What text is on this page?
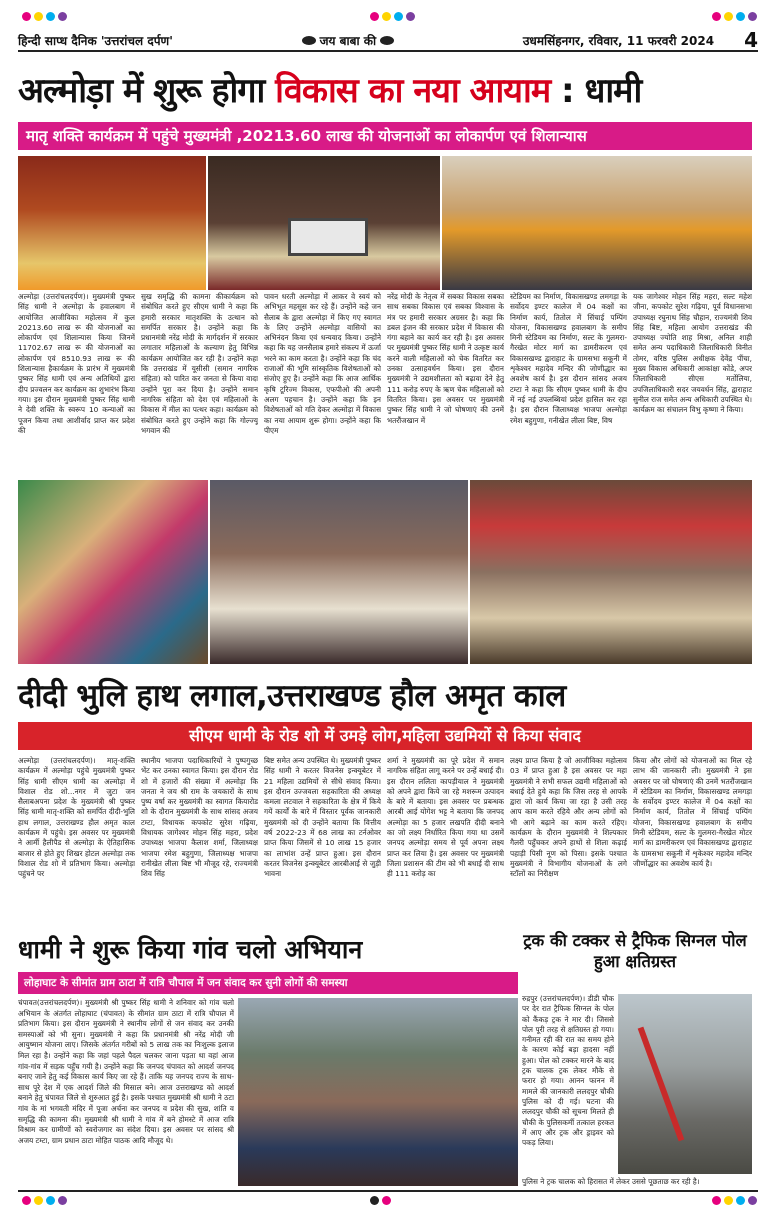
हिन्दी साप्ध दैनिक 'उत्तरांचल दर्पण'	जय बाबा की	उधमसिंहनगर, रविवार, 11 फरवरी 2024 4
अल्मोड़ा में शुरू होगा विकास का नया आयाम : धामी
मातृ शक्ति कार्यक्रम में पहुंचे मुख्यमंत्री ,20213.60 लाख की योजनाओं का लोकार्पण एवं शिलान्यास
अल्मोड़ा (उत्तरांचलदर्पण)। मुख्यमंत्री पुष्कर सिंह धामी ने अल्मोड़ा के हवालबाग में आयोजित आजीविका महोत्सव में कुल 20213.60 लाख रू की योजनाओं का लोकार्पण एवं शिलान्यास किया जिनमें 11702.67 लाख रू की योजनाओं का लोकार्पण एवं 8510.93 लाख रू की शिलान्यास हैकार्यक्रम के प्रारंभ में मुख्यमंत्री पुष्कर सिंह धामी एवं अन्य अतिथियों द्वारा दीप प्रज्वलन कर कार्यक्रम का शुभारंभ किया गया। इस दौरान मुख्यमंत्री पुष्कर सिंह धामी ने देवी शक्ति के स्वरूप 10 कन्याओं का पूजन किया तथा आशीर्वाद प्राप्त कर प्रदेश की
सुख समृद्धि की कामना कीकार्यक्रम को संबोधित करते हुए सीएम धामी ने कहा कि हमारी सरकार मातृशक्ति के उत्थान को समर्पित सरकार है। उन्होंने कहा कि प्रधानमंत्री नरेंद्र मोदी के मार्गदर्शन में सरकार लगातार महिलाओं के कल्याण हेतु विभिन्न कार्यक्रम आयोजित कर रही है। उन्होंने कहा कि उत्तराखंड में यूसीसी (समान नागरिक संहिता) को पारित कर जनता से किया वादा उन्होंने पूरा कर दिया है। उन्होंने समान नागरिक संहिता को देश एवं महिलाओं के विकास में मील का पत्थर कहा। कार्यक्रम को संबोधित करते हुए उन्होंने कहा कि गोल्ज्यू भगवान की
पावन धरती अल्मोड़ा में आकर वे स्वयं को अभिभूत महसूस कर रहे हैं। उन्होंने कहे जन सैलाब के द्वारा अल्मोड़ा में किए गए स्वागत के लिए उन्होंने अल्मोड़ा वासियों का अभिनंदन किया एवं धन्यवाद किया। उन्होंने कहा कि यह जनसैलाब हमारे संकल्प में ऊर्जा भरने का काम करता है। उन्होंने कहा कि चंद राजाओं की भूमि सांस्कृतिक विशेषताओं को संजोए हुए है। उन्होंने कहा कि आज आर्थिक कृषि टूरिज्म विकास, एफपीओ की अपनी अलग पहचान है। उन्होंने कहा कि इन विशेषताओं को गति देकर अल्मोड़ा में विकास का नया आयाम शुरू होगा। उन्होंने कहा कि पीएम
नरेंद्र मोदी के नेतृत्व में सबका विकास सबका साथ सबका विकास एवं सबका विश्वास के मंत्र पर हमारी सरकार अग्रसर है। कहा कि डबल इंजन की सरकार प्रदेश में विकास की गंगा बहाने का कार्य कर रही है। इस अवसर पर मुख्यमंत्री पुष्कर सिंह धामी ने उत्कृष्ट कार्य करने वाली महिलाओं को चेक वितरित कर उनका उत्साहवर्धन किया। इस दौरान मुख्यमंत्री ने उद्यमशीलता को बढ़ावा देने हेतु 111 करोड़ रुपए के ऋण चेक महिलाओं को वितरित किया। इस अवसर पर मुख्यमंत्री पुष्कर सिंह धामी ने जो घोषणाएं की उनमें भतरौंजखान में
स्टेडियम का निर्माण, विकासखण्ड लमगड़ा के सर्वोदय इण्टर कालेज में 04 कक्षों का निर्माण कार्य, तितोल में सिंचाई पम्पिंग योजना, विकासखण्ड हवालबाग के समीप मिनी स्टेडियम का निर्माण, सल्ट के गुलमरा-गैरखेत मोटर मार्ग का डामरीकरण एवं विकासखण्ड द्वाराहाट के ग्रामसभा सकूनी में शृकेश्वर महादेव मन्दिर की जोणीद्धार का अवशेष कार्य है। इस दौरान सांसद अजय टम्टा ने कहा कि सीएम पुष्कर धामी के दीप में नई नई उपलब्धियां प्रदेश हासिल कर रहा है। इस दौरान जिलाध्यक्ष भाजपा अल्मोड़ा रमेश बहुगुणा, गनीखेत लीला बिष्ट, विष
यक जागेश्वर मोहन सिंह महरा, सल्ट महेश जीना, कपकोट सुरेश गढ़िया, पूर्व विधानसभा उपाध्यक्ष रघुनाथ सिंह चौहान, राज्यमंत्री शिव सिंह बिष्ट, महिला आयोग उत्तराखंड की उपाध्यक्ष ज्योति शाह मिश्रा, अनिल शाही समेत अन्य पदाधिकारी जिलाधिकारी विनीत तोमर, वरिष्ठ पुलिस अधीक्षक देवेंद्र पींचा, मुख्य विकास अधिकारी आकांक्षा कोंडे, अपर जिलाधिकारी सीएस मर्तोलिया, उपजिलाधिकारी सदर जयवर्धन सिंह, द्वाराहाट सुनील राज समेत अन्य अधिकारी उपस्थित थे। कार्यक्रम का संचालन विभु कृष्णा ने किया।
दीदी भुलि हाथ लगाल,उत्तराखण्ड हौल अमृत काल
सीएम धामी के रोड शो में उमड़े लोग,महिला उद्यमियों से किया संवाद
अल्मोड़ा (उत्तरांचलदर्पण)। मातृ-शक्ति कार्यक्रम में अल्मोड़ा पहुंचे मुख्यमंत्री पुष्कर सिंह धामी सीएम धामी का अल्मोड़ा में विशाल रोड शो...नगर में जुटा जन सैलाबअपना प्रदेश के मुख्यमंत्री श्री पुष्कर सिंह धामी मातृ-शक्ति को समर्पित दीदी-भुलि हाथ लगाल, उत्तराखण्ड हौल अमृत काल कार्यक्रम में पहुंचे। इस अवसर पर मुख्यमंत्री ने आर्मी हैलीपैड से अल्मोड़ा के ऐतिहासिक बाजार से होते हुए शिखर होटल अल्मोड़ा तक विशाल रोड शो में प्रतिभाग किया। अल्मोड़ा पहुंचने पर
स्थानीय भाजपा पदाधिकारियों ने पुष्पगुच्छ भेंट कर उनका स्वागत किया। इस दौरान रोड शो में हजारों की संख्या में अल्मोड़ा कि जनता ने जय श्री राम के जयकारों के साथ पुष्प वर्षा कर मुख्यमंत्री का स्वागत कियारोड शो के दौरान मुख्यमंत्री के साथ सांसद अजय टम्टा, विधायक कपकोट सुरेश गढ़िया, विधायक जागेश्वर मोहन सिंह महरा, प्रदेश उपाध्यक्ष भाजपा कैलाश शर्मा, जिलाध्यक्ष भाजपा रमेश बहुगुणा, जिलाध्यक्ष भाजपा रानीखेत लीला बिष्ट भी मौजूद रहे, राज्यमंत्री शिव सिंह
बिष्ट समेत अन्य उपस्थित थे। मुख्यमंत्री पुष्कर सिंह धामी ने करतर विजनेस इन्क्यूबेटर में 21 महिला उद्यमियों से सीधे संवाद किया। इस दौरान उज्जवला सहकारिता की अध्यक्ष कमला लटवाल ने सहकारिता के क्षेत्र में किये गयें कार्यों के बारे में विस्तार पूर्वक जानकारी मुख्यमंत्री को दी उन्होंने बताया कि वित्तीय वर्ष 2022-23 में 68 लाख का टर्नओवर प्राप्त किया जिसमें से 10 लाख 15 हजार का लाभांश उन्हें प्राप्त हुआ। इस दौरान करतर विजनेस इन्क्यूबेटर आरबीआई से जुड़ी भावना
शर्मा ने मुख्यमंत्री का पूरे प्रदेश में समान नागरिक संहिता लागू करने पर उन्हें बधाई दी। इस दौरान ललिता कापड़ीयाल ने मुख्यमंत्री को अपने द्वारा किये जा रहे मशरूम उत्पादन के बारे में बताया। इस अवसर पर प्रबन्धक आरबी आई योगेश भट्ट ने बताया कि जनपद अल्मोड़ा का 5 हजार लखपति दीदी बनाने का जो लक्ष्य निर्धारित किया गया था उसमें जनपद अल्मोड़ा समय से पूर्व अपना लक्ष्य प्राप्त कर लिया है। इस अवसर पर मुख्यमंत्री जिला प्रशासन की टीम को भी बधाई दी साथ ही 111 करोड़ का
लक्ष्य प्राप्त किया है जो आजीविका महोत्सव 03 में प्राप्त हुआ है इस अवसर पर महा मुख्यमंत्री ने सभी सफल उद्यमी महिलाओं को बधाई देते हुये कहा कि जिस तरह से आपके द्वारा जो कार्य किया जा रहा है उसी तरह आप काम करते रहिये और अन्य लोगों को भी आगे बढ़ाने का काम करते रहिए। कार्यक्रम के दौरान मुख्यमंत्री ने शिल्पकार गैलरी पहुँचकर अपने हाथों से शिला कढ़ाई पहाड़ी पिसी नूण को पिसा। इसके पश्चात मुख्यमंत्री ने विभागीय योजनाओं के लगे स्टॉलों का निरीक्षण
किया और लोगों को योजनाओं का मिल रहे लाभ की जानकारी ली। मुख्यमंत्री ने इस अवसर पर जो घोषणाएं की उनमें भतरौंजखान में स्टेडियम का निर्माण, विकासखण्ड लमगड़ा के सर्वोदय इण्टर कालेज में 04 कक्षों का निर्माण कार्य, तितोल में सिंचाई पम्पिंग योजना, विकासखण्ड हवालबाग के समीप मिनी स्टेडियम, सल्ट के गुलमरा-गैरखेत मोटर मार्ग का डामरीकरण एवं विकासखण्ड द्वाराहाट के ग्रामसभा सकूनी में शृकेश्वर महादेव मन्दिर जीर्णोद्धार का अवशेष कार्य है।
धामी ने शुरू किया गांव चलो अभियान
लोहाघाट के सीमांत ग्राम ठाटा में रात्रि चौपाल में जन संवाद कर सुनी लोगों की समस्या
चंपावत(उत्तरांचलदर्पण)। मुख्यमंत्री श्री पुष्कर सिंह धामी ने शनिवार को गांव चलो अभियान के अंतर्गत लोहाघाट (चंपावत) के सीमांत ग्राम ठाटा में रात्रि चौपाल में प्रतिभाग किया। इस दौरान मुख्यमंत्री ने स्थानीय लोगों से जन संवाद कर उनकी समस्याओं को भी सुना। मुख्यमंत्री ने कहा कि प्रधानमंत्री श्री नरेंद्र मोदी जी आयुष्मान योजना लाए। जिसके अंतर्गत गरीबों को 5 लाख तक का निःशुल्क इलाज मिल रहा है। उन्होंने कहा कि जहां पहले पैदल चलकर जाना पड़ता था वहां आज गांव-गांव में सड़क पहुँच गयी है। उन्होंने कहा कि जनपद चंपावत को आदर्श जनपद बनाए जाने हेतु कई विकास कार्य किए जा रहे हैं। ताकि यह जनपद राज्य के साथ- साथ पूरे देश में एक आदर्श जिले की मिसाल बने। आज उत्तराखण्ड को आदर्श बनाने हेतु चंपावत जिले से शुरुआत हुई है। इसके पश्चात मुख्यमंत्री श्री धामी ने ठटा गांव के मां भगवती मंदिर में पूजा अर्चना कर जनपद व प्रदेश की सुख, शांति व समृद्धि की कामना की। मुख्यमंत्री श्री धामी ने गांव में बने होमस्टे में आज रात्रि विश्राम कर ग्रामीणों को स्वरोजगार का संदेश दिया। इस अवसर पर सांसद श्री अजय टम्टा, ग्राम प्रधान ठाटा मोहित पाठक आदि मौजूद थे।
ट्रक की टक्कर से ट्रैफिक सिग्नल पोल हुआ क्षतिग्रस्त
रुद्रपुर (उत्तरांचलदर्पण)। डीडी चौक पर देर रात ट्रैफिक सिग्नल के पोल को कैंकड़ ट्रक ने मार दी। जिससे पोल पूरी तरह से क्षतिग्रस्त हो गया। गनीमत रही की रात का समय होने के कारण कोई बड़ा हादसा नहीं हुआ। पोल को टक्कर मारने के बाद ट्रक चालक ट्रक लेकर मौके से फरार हो गया। आनन फानन में मामले की जानकारी ललदपुर चौकी पुलिस को दी गई। घटना की ललदपुर चौकी को सूचना मिलते ही चौकी के पुलिसकर्मी तत्काल हरकत में आए और ट्रक और ड्राइवर को पकड़ लिया।
पुलिस ने ट्रक चालक को हिरासत में लेकर उससे पूछताछ कर रही है।
